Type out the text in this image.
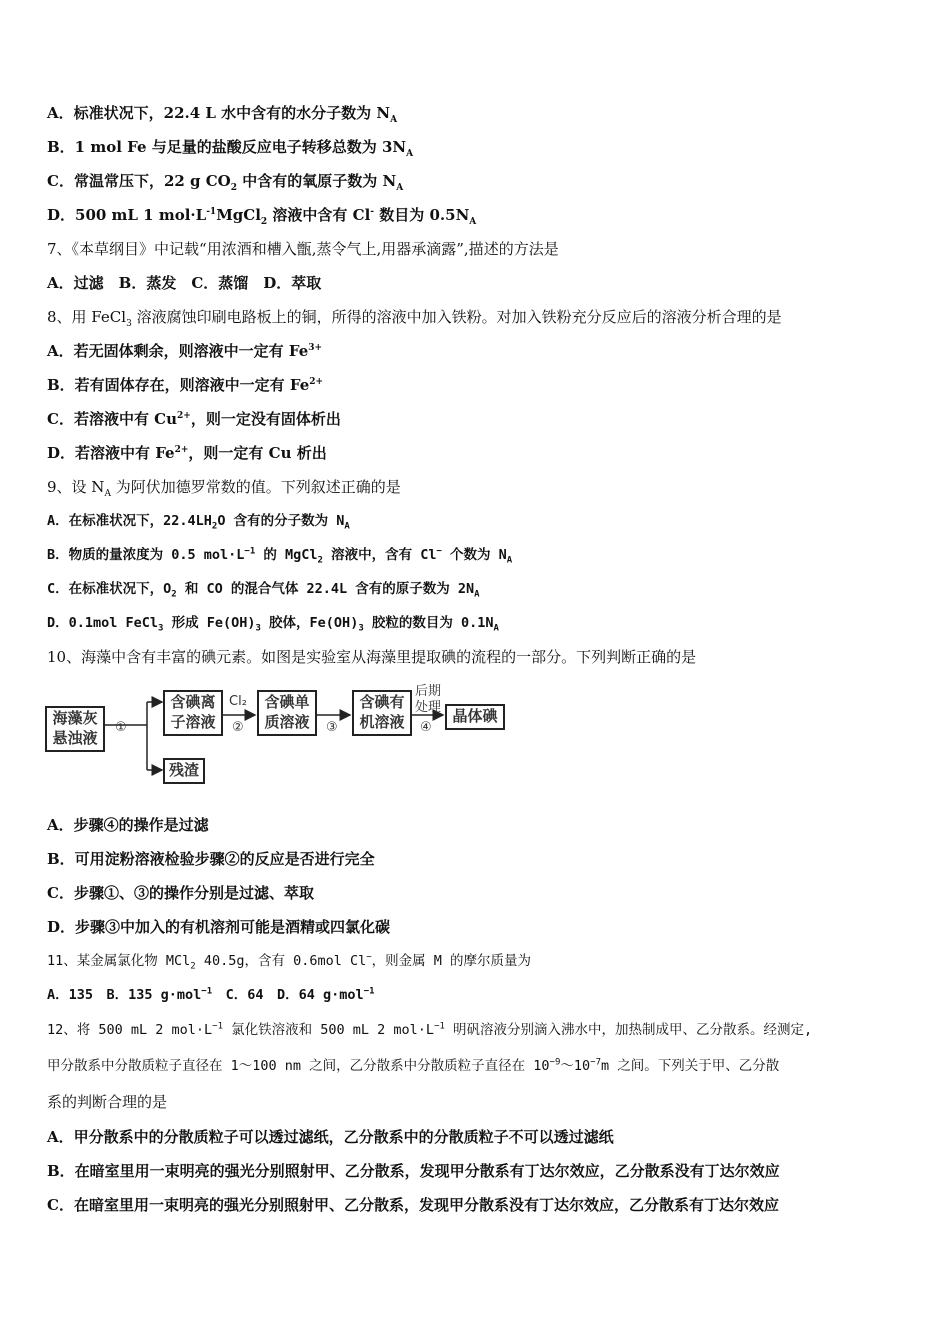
A．标准状况下，22.4 L 水中含有的水分子数为 $N_A$
B．1 mol Fe 与足量的盐酸反应电子转移总数为 $3N_A$
C．常温常压下，22 g $CO_2$ 中含有的氧原子数为 $N_A$
D．500 mL 1 $mol\cdot L^{-1}MgCl_2$ 溶液中含有 Cl- 数目为 $0.5N_A$
7、《本草纲目》中记载“用浓酒和槽入甑,蒸令气上,用器承滴露”,描述的方法是
A．过滤　B．蒸发　C．蒸馏　D．萃取
8、用 FeCl$_3$ 溶液腐蚀印刷电路板上的铜，所得的溶液中加入铁粉。对加入铁粉充分反应后的溶液分析合理的是
A．若无固体剩余，则溶液中一定有 $Fe^{3+}$
B．若有固体存在，则溶液中一定有 $Fe^{2+}$
C．若溶液中有 $Cu^{2+}$，则一定没有固体析出
D．若溶液中有 $Fe^{2+}$，则一定有 Cu 析出
9、设 $N_A$ 为阿伏加德罗常数的值。下列叙述正确的是
A．在标准状况下，$22.4LH_2O$ 含有的分子数为 $N_A$
B．物质的量浓度为 0.5 $mol\cdot L^{-1}$ 的 MgCl$_2$ 溶液中，含有 Cl− 个数为 $N_A$
C．在标准状况下，$O_2$ 和 CO 的混合气体 22.4L 含有的原子数为 $2N_A$
D．0.1mol FeCl$_3$ 形成 $Fe(OH)_3$ 胶体，$Fe(OH)_3$ 胶粒的数目为 $0.1N_A$
10、海藻中含有丰富的碘元素。如图是实验室从海藻里提取碘的流程的一部分。下列判断正确的是
海藻灰
悬浊液
①
含碘离
子溶液
残渣
Cl₂
②
含碘单
质溶液	③
含碘有
机溶液
后期
处理
④
晶体碘
A．步骤④的操作是过滤
B．可用淀粉溶液检验步骤②的反应是否进行完全
C．步骤①、③的操作分别是过滤、萃取
D．步骤③中加入的有机溶剂可能是酒精或四氯化碳
11、某金属氯化物 MCl$_2$ 40.5g，含有 0.6mol Cl−，则金属 M 的摩尔质量为
A．135　B．135 g·mol$^{-1}$　C．64　D．64 g·mol$^{-1}$
12、将 500 mL 2 $mol\cdot L^{-1}$ 氯化铁溶液和 500 mL 2 $mol\cdot L^{-1}$ 明矾溶液分别滴入沸水中，加热制成甲、乙分散系。经测定,
甲分散系中分散质粒子直径在 1～100 nm 之间，乙分散系中分散质粒子直径在 $10^{-9}\sim 10^{-7}m$ 之间。下列关于甲、乙分散
系的判断合理的是
A．甲分散系中的分散质粒子可以透过滤纸，乙分散系中的分散质粒子不可以透过滤纸
B．在暗室里用一束明亮的强光分别照射甲、乙分散系，发现甲分散系有丁达尔效应，乙分散系没有丁达尔效应
C．在暗室里用一束明亮的强光分别照射甲、乙分散系，发现甲分散系没有丁达尔效应，乙分散系有丁达尔效应
